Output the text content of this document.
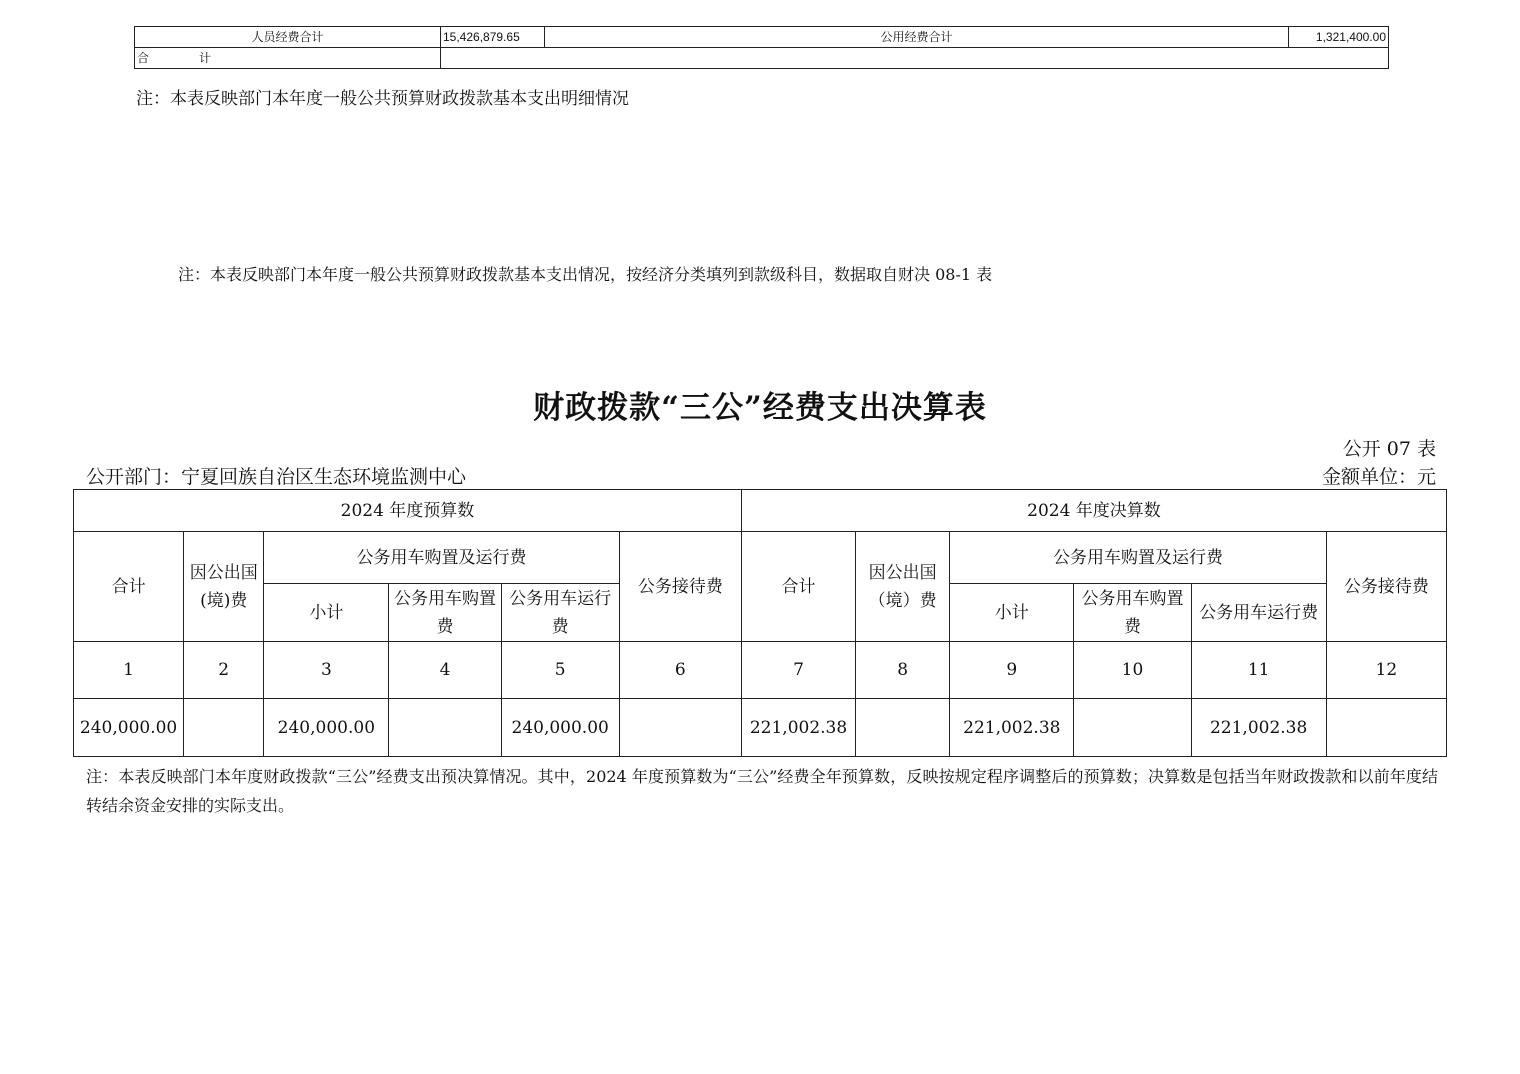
人员经费合计	15,426,879.65	公用经费合计	1,321,400.00
合 计			
注：本表反映部门本年度一般公共预算财政拨款基本支出明细情况
注：本表反映部门本年度一般公共预算财政拨款基本支出情况，按经济分类填列到款级科目，数据取自财决 08-1 表
财政拨款“三公”经费支出决算表
公开 07 表
公开部门：宁夏回族自治区生态环境监测中心	金额单位：元
2024 年度预算数						2024 年度决算数					
合计	因公出国(境)费	公务用车购置及运行费			公务接待费	合计	因公出国（境）费	公务用车购置及运行费			公务接待费
		小计	公务用车购置费	公务用车运行费				小计	公务用车购置费	公务用车运行费	
1	2	3	4	5	6	7	8	9	10	11	12
240,000.00		240,000.00		240,000.00		221,002.38		221,002.38		221,002.38	
注：本表反映部门本年度财政拨款“三公”经费支出预决算情况。其中，2024 年度预算数为“三公”经费全年预算数，反映按规定程序调整后的预算数；决算数是包括当年财政拨款和以前年度结转结余资金安排的实际支出。
